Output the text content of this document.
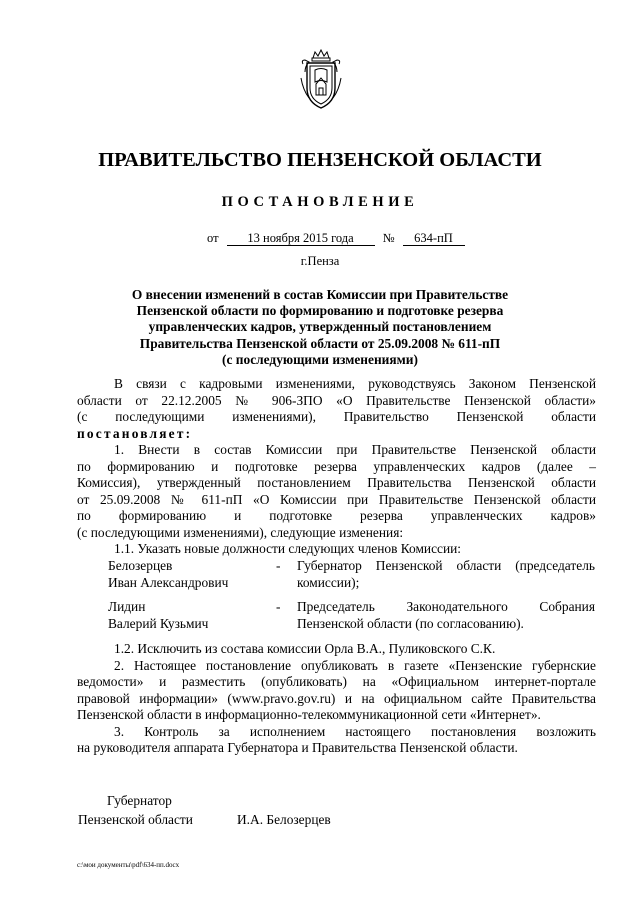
ПРАВИТЕЛЬСТВО ПЕНЗЕНСКОЙ ОБЛАСТИ
ПОСТАНОВЛЕНИЕ
от 13 ноября 2015 года № 634-пП
г.Пенза
О внесении изменений в состав Комиссии при Правительстве
Пензенской области по формированию и подготовке резерва
управленческих кадров, утвержденный постановлением
Правительства Пензенской области от 25.09.2008 № 611-пП
(с последующими изменениями)
В связи с кадровыми изменениями, руководствуясь Законом Пензенской
области от 22.12.2005 № 906-ЗПО «О Правительстве Пензенской области»
(с последующими изменениями), Правительство Пензенской области
постановляет:
1. Внести в состав Комиссии при Правительстве Пензенской области
по формированию и подготовке резерва управленческих кадров (далее –
Комиссия), утвержденный постановлением Правительства Пензенской области
от 25.09.2008 № 611-пП «О Комиссии при Правительстве Пензенской области
по формированию и подготовке резерва управленческих кадров»
(с последующими изменениями), следующие изменения:
1.1. Указать новые должности следующих членов Комиссии:
Белозерцев
Иван Александрович
- Губернатор Пензенской области (председатель
комиссии);
Лидин
Валерий Кузьмич
- Председатель Законодательного Собрания
Пензенской области (по согласованию).
1.2. Исключить из состава комиссии Орла В.А., Пуликовского С.К.
2. Настоящее постановление опубликовать в газете «Пензенские губернские
ведомости» и разместить (опубликовать) на «Официальном интернет-портале
правовой информации» (www.pravo.gov.ru) и на официальном сайте Правительства
Пензенской области в информационно-телекоммуникационной сети «Интернет».
3. Контроль за исполнением настоящего постановления возложить
на руководителя аппарата Губернатора и Правительства Пензенской области.
Губернатор
Пензенской области	И.А. Белозерцев
c:\мои документы\pdf\634-пп.docx
